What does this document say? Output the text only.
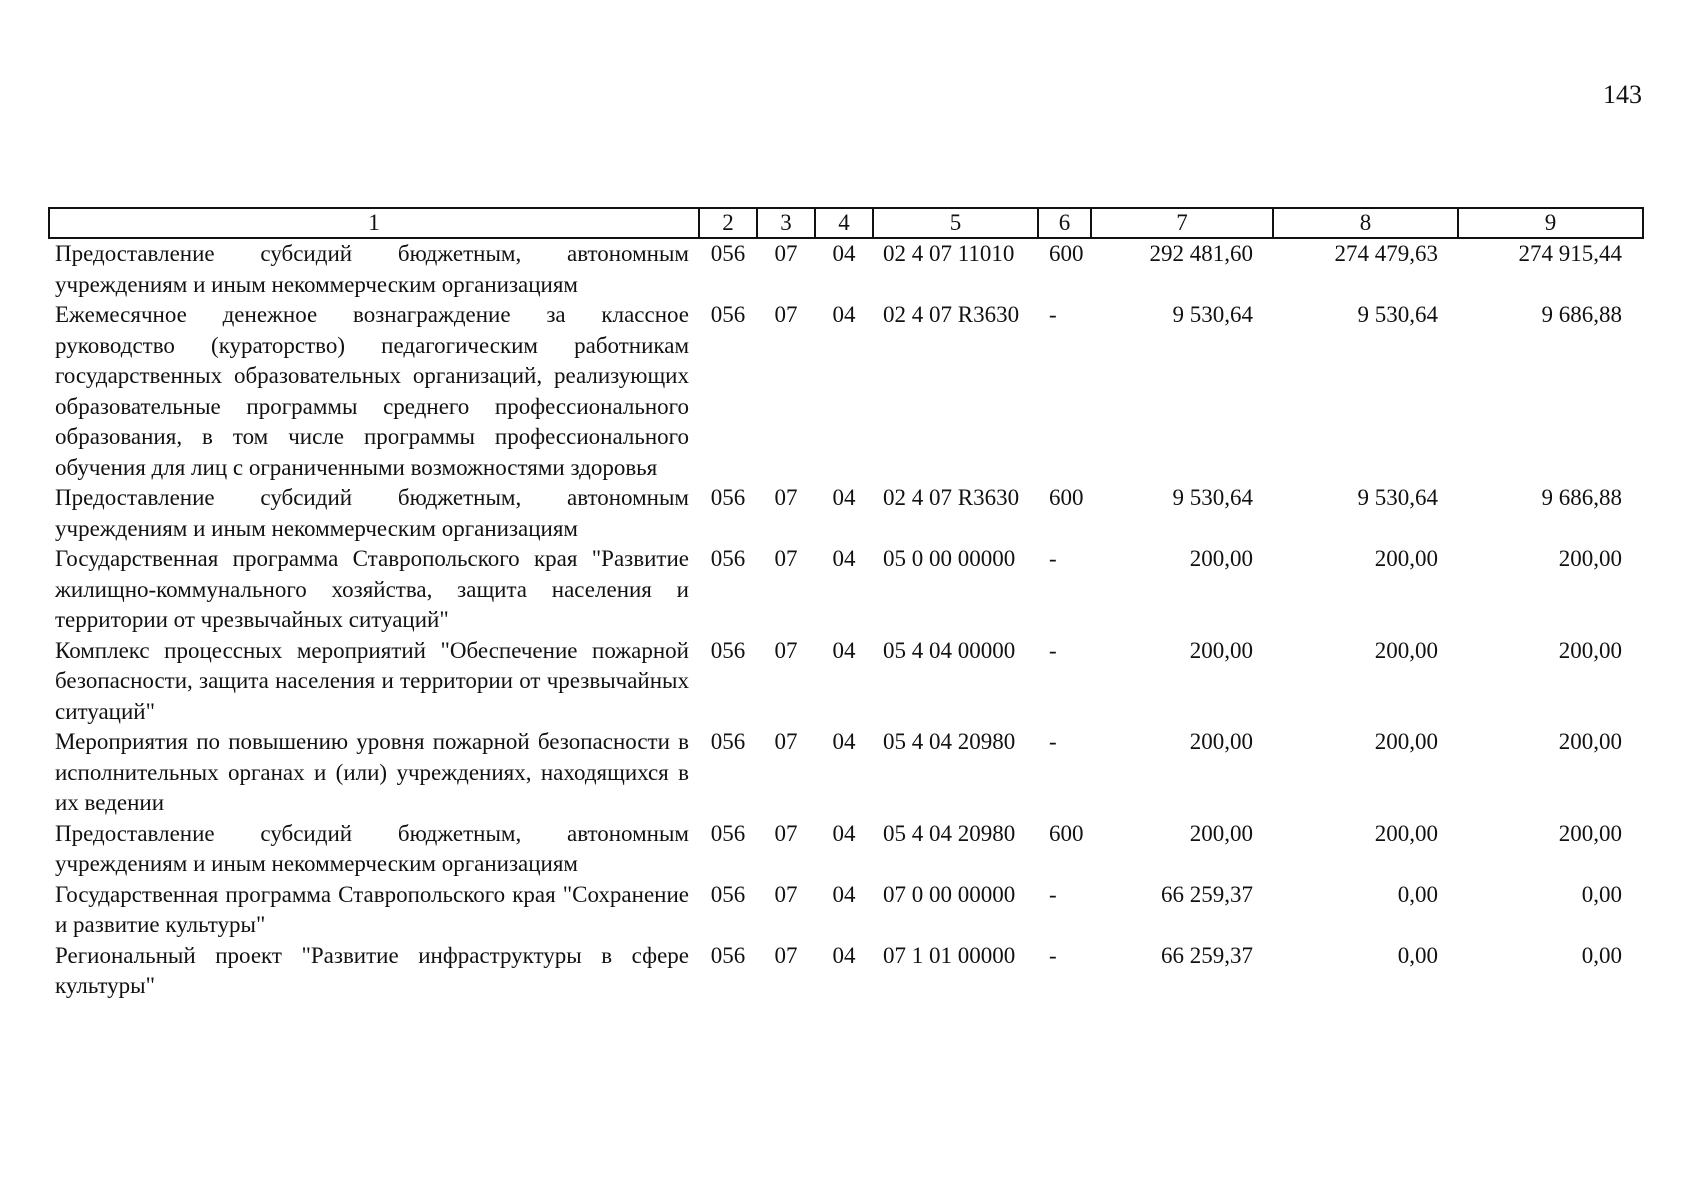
143
1	2	3	4	5	6	7	8	9
Предоставление субсидий бюджетным, автономным учреждениям и иным некоммерческим организациям	056	07	04	02 4 07 11010	600	292 481,60	274 479,63	274 915,44
Ежемесячное денежное вознаграждение за классное руководство (кураторство) педагогическим работникам государственных образовательных организаций, реализующих образовательные программы среднего профессионального образования, в том числе программы профессионального обучения для лиц с ограниченными возможностями здоровья	056	07	04	02 4 07 R3630	-	9 530,64	9 530,64	9 686,88
Предоставление субсидий бюджетным, автономным учреждениям и иным некоммерческим организациям	056	07	04	02 4 07 R3630	600	9 530,64	9 530,64	9 686,88
Государственная программа Ставропольского края "Развитие жилищно-коммунального хозяйства, защита населения и территории от чрезвычайных ситуаций"	056	07	04	05 0 00 00000	-	200,00	200,00	200,00
Комплекс процессных мероприятий "Обеспечение пожарной безопасности, защита населения и территории от чрезвычайных ситуаций"	056	07	04	05 4 04 00000	-	200,00	200,00	200,00
Мероприятия по повышению уровня пожарной безопасности в исполнительных органах и (или) учреждениях, находящихся в их ведении	056	07	04	05 4 04 20980	-	200,00	200,00	200,00
Предоставление субсидий бюджетным, автономным учреждениям и иным некоммерческим организациям	056	07	04	05 4 04 20980	600	200,00	200,00	200,00
Государственная программа Ставропольского края "Сохранение и развитие культуры"	056	07	04	07 0 00 00000	-	66 259,37	0,00	0,00
Региональный проект "Развитие инфраструктуры в сфере культуры"	056	07	04	07 1 01 00000	-	66 259,37	0,00	0,00
